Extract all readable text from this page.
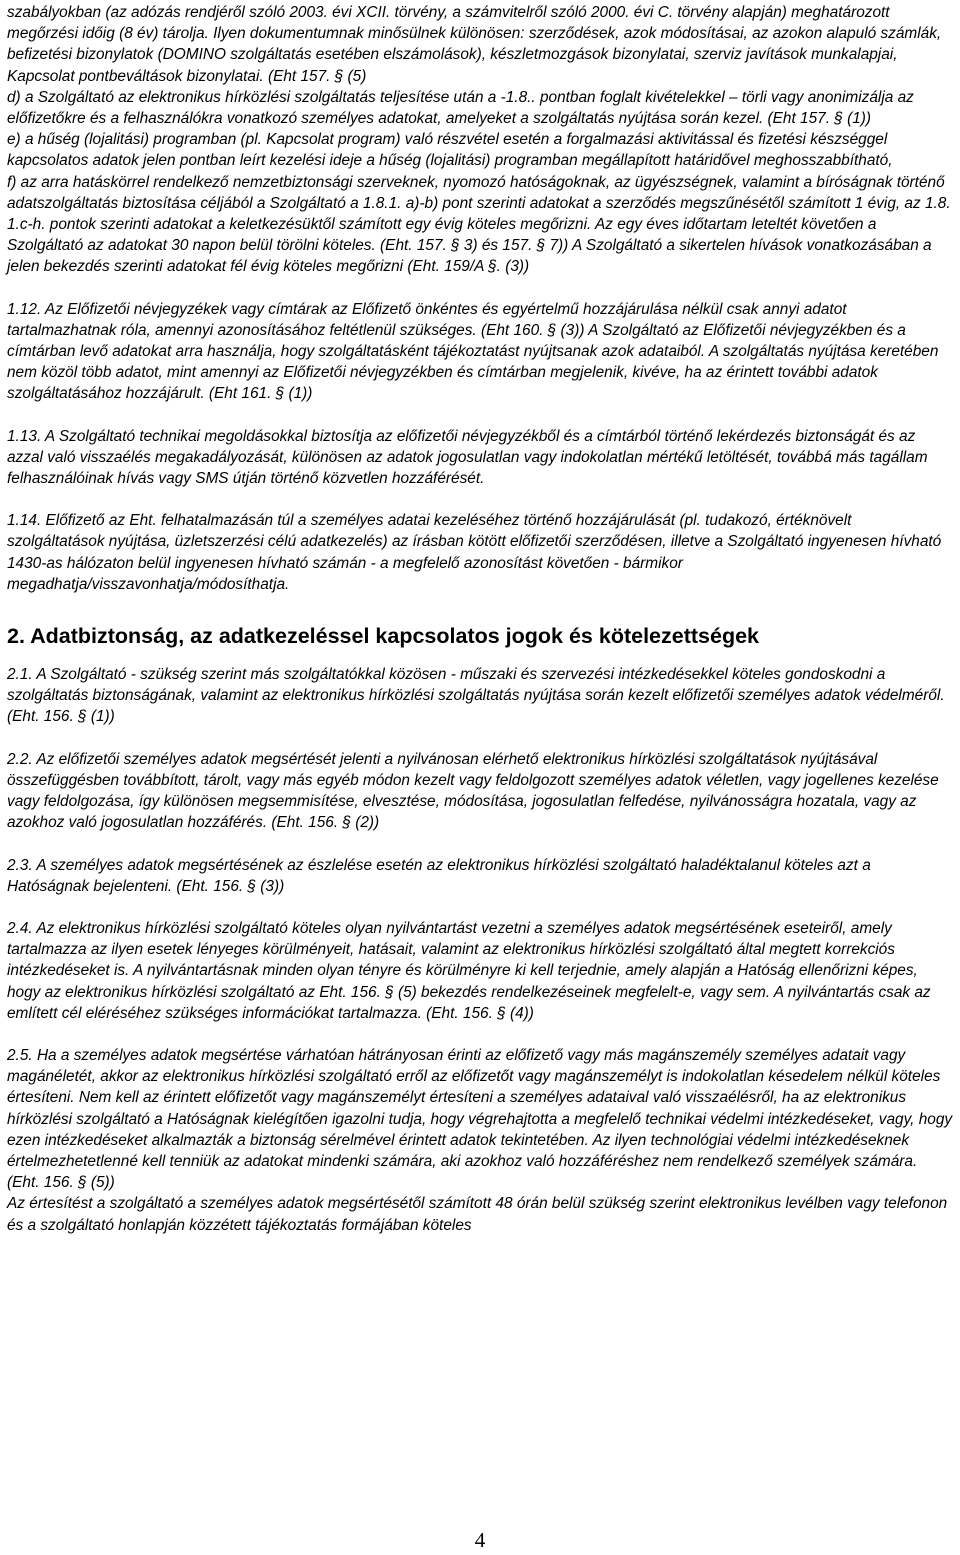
szabályokban (az adózás rendjéről szóló 2003. évi XCII. törvény, a számvitelről szóló 2000. évi C. törvény alapján) meghatározott megőrzési időig (8 év) tárolja. Ilyen dokumentumnak minősülnek különösen: szerződések, azok módosításai, az azokon alapuló számlák, befizetési bizonylatok (DOMINO szolgáltatás esetében elszámolások), készletmozgások bizonylatai, szerviz javítások munkalapjai, Kapcsolat pontbeváltások bizonylatai. (Eht 157. § (5)

d) a Szolgáltató az elektronikus hírközlési szolgáltatás teljesítése után a -1.8.. pontban foglalt kivételekkel – törli vagy anonimizálja az előfizetőkre és a felhasználókra vonatkozó személyes adatokat, amelyeket a szolgáltatás nyújtása során kezel. (Eht 157. § (1))

e) a hűség (lojalitási) programban (pl. Kapcsolat program) való részvétel esetén a forgalmazási aktivitással és fizetési készséggel kapcsolatos adatok jelen pontban leírt kezelési ideje a hűség (lojalitási) programban megállapított határidővel meghosszabbítható,

f) az arra hatáskörrel rendelkező nemzetbiztonsági szerveknek, nyomozó hatóságoknak, az ügyészségnek, valamint a bíróságnak történő adatszolgáltatás biztosítása céljából a Szolgáltató a 1.8.1. a)-b) pont szerinti adatokat a szerződés megszűnésétől számított 1 évig, az 1.8. 1.c-h. pontok szerinti adatokat a keletkezésüktől számított egy évig köteles megőrizni. Az egy éves időtartam leteltét követően a Szolgáltató az adatokat 30 napon belül törölni köteles. (Eht. 157. § 3) és 157. § 7)) A Szolgáltató a sikertelen hívások vonatkozásában a jelen bekezdés szerinti adatokat fél évig köteles megőrizni (Eht. 159/A §. (3))

1.12. Az Előfizetői névjegyzékek vagy címtárak az Előfizető önkéntes és egyértelmű hozzájárulása nélkül csak annyi adatot tartalmazhatnak róla, amennyi azonosításához feltétlenül szükséges. (Eht 160. § (3)) A Szolgáltató az Előfizetői névjegyzékben és a címtárban levő adatokat arra használja, hogy szolgáltatásként tájékoztatást nyújtsanak azok adataiból. A szolgáltatás nyújtása keretében nem közöl több adatot, mint amennyi az Előfizetői névjegyzékben és címtárban megjelenik, kivéve, ha az érintett további adatok szolgáltatásához hozzájárult. (Eht 161. § (1))

1.13. A Szolgáltató technikai megoldásokkal biztosítja az előfizetői névjegyzékből és a címtárból történő lekérdezés biztonságát és az azzal való visszaélés megakadályozását, különösen az adatok jogosulatlan vagy indokolatlan mértékű letöltését, továbbá más tagállam felhasználóinak hívás vagy SMS útján történő közvetlen hozzáférését.

1.14. Előfizető az Eht. felhatalmazásán túl a személyes adatai kezeléséhez történő hozzájárulását (pl. tudakozó, értéknövelt szolgáltatások nyújtása, üzletszerzési célú adatkezelés) az írásban kötött előfizetői szerződésen, illetve a Szolgáltató ingyenesen hívható 1430-as hálózaton belül ingyenesen hívható számán - a megfelelő azonosítást követően - bármikor megadhatja/visszavonhatja/módosíthatja.

2. Adatbiztonság, az adatkezeléssel kapcsolatos jogok és kötelezettségek

2.1. A Szolgáltató - szükség szerint más szolgáltatókkal közösen - műszaki és szervezési intézkedésekkel köteles gondoskodni a szolgáltatás biztonságának, valamint az elektronikus hírközlési szolgáltatás nyújtása során kezelt előfizetői személyes adatok védelméről. (Eht. 156. § (1))

2.2. Az előfizetői személyes adatok megsértését jelenti a nyilvánosan elérhető elektronikus hírközlési szolgáltatások nyújtásával összefüggésben továbbított, tárolt, vagy más egyéb módon kezelt vagy feldolgozott személyes adatok véletlen, vagy jogellenes kezelése vagy feldolgozása, így különösen megsemmisítése, elvesztése, módosítása, jogosulatlan felfedése, nyilvánosságra hozatala, vagy az azokhoz való jogosulatlan hozzáférés. (Eht. 156. § (2))

2.3. A személyes adatok megsértésének az észlelése esetén az elektronikus hírközlési szolgáltató haladéktalanul köteles azt a Hatóságnak bejelenteni. (Eht. 156. § (3))

2.4. Az elektronikus hírközlési szolgáltató köteles olyan nyilvántartást vezetni a személyes adatok megsértésének eseteiről, amely tartalmazza az ilyen esetek lényeges körülményeit, hatásait, valamint az elektronikus hírközlési szolgáltató által megtett korrekciós intézkedéseket is. A nyilvántartásnak minden olyan tényre és körülményre ki kell terjednie, amely alapján a Hatóság ellenőrizni képes, hogy az elektronikus hírközlési szolgáltató az Eht. 156. § (5) bekezdés rendelkezéseinek megfelelt-e, vagy sem. A nyilvántartás csak az említett cél eléréséhez szükséges információkat tartalmazza. (Eht. 156. § (4))

2.5. Ha a személyes adatok megsértése várhatóan hátrányosan érinti az előfizető vagy más magánszemély személyes adatait vagy magánéletét, akkor az elektronikus hírközlési szolgáltató erről az előfizetőt vagy magánszemélyt is indokolatlan késedelem nélkül köteles értesíteni. Nem kell az érintett előfizetőt vagy magánszemélyt értesíteni a személyes adataival való visszaélésről, ha az elektronikus hírközlési szolgáltató a Hatóságnak kielégítően igazolni tudja, hogy végrehajtotta a megfelelő technikai védelmi intézkedéseket, vagy, hogy ezen intézkedéseket alkalmazták a biztonság sérelmével érintett adatok tekintetében. Az ilyen technológiai védelmi intézkedéseknek értelmezhetetlenné kell tenniük az adatokat mindenki számára, aki azokhoz való hozzáféréshez nem rendelkező személyek számára. (Eht. 156. § (5))

Az értesítést a szolgáltató a személyes adatok megsértésétől számított 48 órán belül szükség szerint elektronikus levélben vagy telefonon és a szolgáltató honlapján közzétett tájékoztatás formájában köteles

4
